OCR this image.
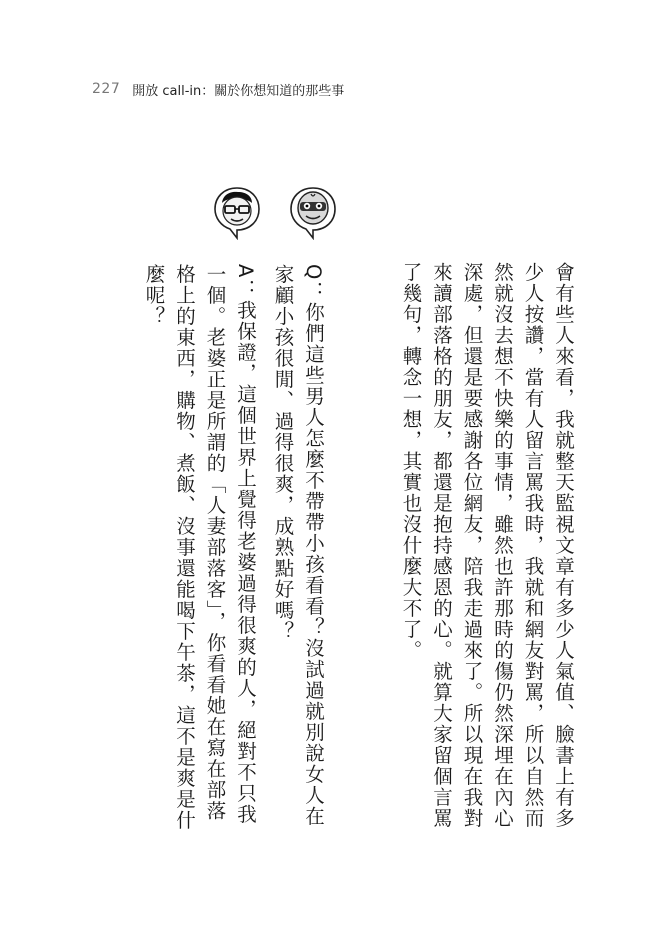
227 開放 call-in：關於你想知道的那些事
會有些人來看，我就整天監視文章有多少人氣值、臉書上有多少人按讚，當有人留言罵我時，我就和網友對罵，所以自然而然就沒去想不快樂的事情，雖然也許那時的傷仍然深埋在內心深處，但還是要感謝各位網友，陪我走過來了。所以現在我對來讀部落格的朋友，都還是抱持感恩的心。就算大家留個言罵了幾句，轉念一想，其實也沒什麼大不了。
Q：你們這些男人怎麼不帶帶小孩看看？沒試過就別說女人在家顧小孩很閒、過得很爽，成熟點好嗎？
A：我保證，這個世界上覺得老婆過得很爽的人，絕對不只我一個。老婆正是所謂的「人妻部落客」，你看看她在寫在部落格上的東西，購物、煮飯、沒事還能喝下午茶，這不是爽是什麼呢？
